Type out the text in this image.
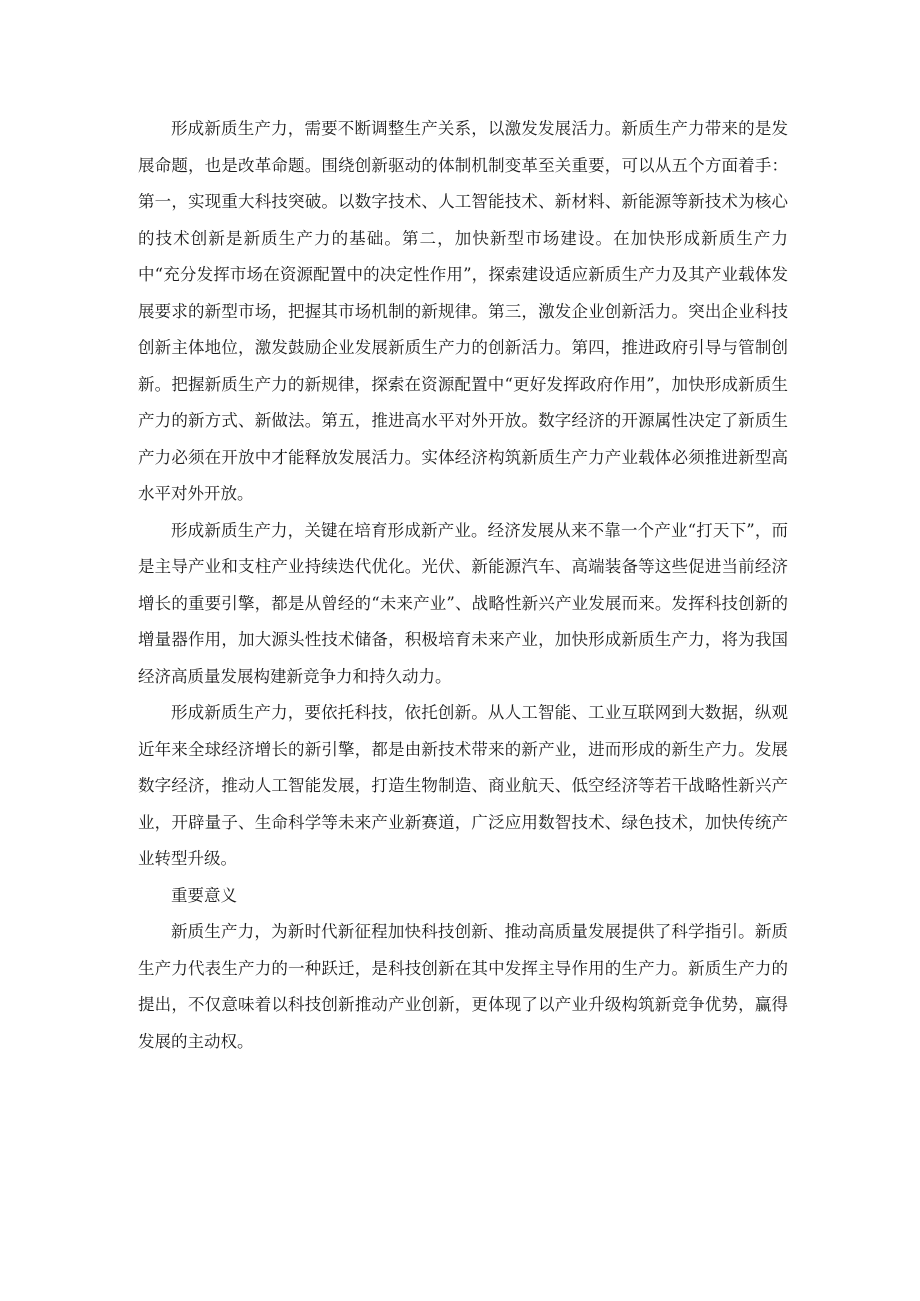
形成新质生产力，需要不断调整生产关系，以激发发展活力。新质生产力带来的是发展命题，也是改革命题。围绕创新驱动的体制机制变革至关重要，可以从五个方面着手：第一，实现重大科技突破。以数字技术、人工智能技术、新材料、新能源等新技术为核心的技术创新是新质生产力的基础。第二，加快新型市场建设。在加快形成新质生产力中“充分发挥市场在资源配置中的决定性作用”，探索建设适应新质生产力及其产业载体发展要求的新型市场，把握其市场机制的新规律。第三，激发企业创新活力。突出企业科技创新主体地位，激发鼓励企业发展新质生产力的创新活力。第四，推进政府引导与管制创新。把握新质生产力的新规律，探索在资源配置中“更好发挥政府作用”，加快形成新质生产力的新方式、新做法。第五，推进高水平对外开放。数字经济的开源属性决定了新质生产力必须在开放中才能释放发展活力。实体经济构筑新质生产力产业载体必须推进新型高水平对外开放。

形成新质生产力，关键在培育形成新产业。经济发展从来不靠一个产业“打天下”，而是主导产业和支柱产业持续迭代优化。光伏、新能源汽车、高端装备等这些促进当前经济增长的重要引擎，都是从曾经的“未来产业”、战略性新兴产业发展而来。发挥科技创新的增量器作用，加大源头性技术储备，积极培育未来产业，加快形成新质生产力，将为我国经济高质量发展构建新竞争力和持久动力。

形成新质生产力，要依托科技，依托创新。从人工智能、工业互联网到大数据，纵观近年来全球经济增长的新引擎，都是由新技术带来的新产业，进而形成的新生产力。发展数字经济，推动人工智能发展，打造生物制造、商业航天、低空经济等若干战略性新兴产业，开辟量子、生命科学等未来产业新赛道，广泛应用数智技术、绿色技术，加快传统产业转型升级。

重要意义

新质生产力，为新时代新征程加快科技创新、推动高质量发展提供了科学指引。新质生产力代表生产力的一种跃迁，是科技创新在其中发挥主导作用的生产力。新质生产力的提出，不仅意味着以科技创新推动产业创新，更体现了以产业升级构筑新竞争优势，赢得发展的主动权。
